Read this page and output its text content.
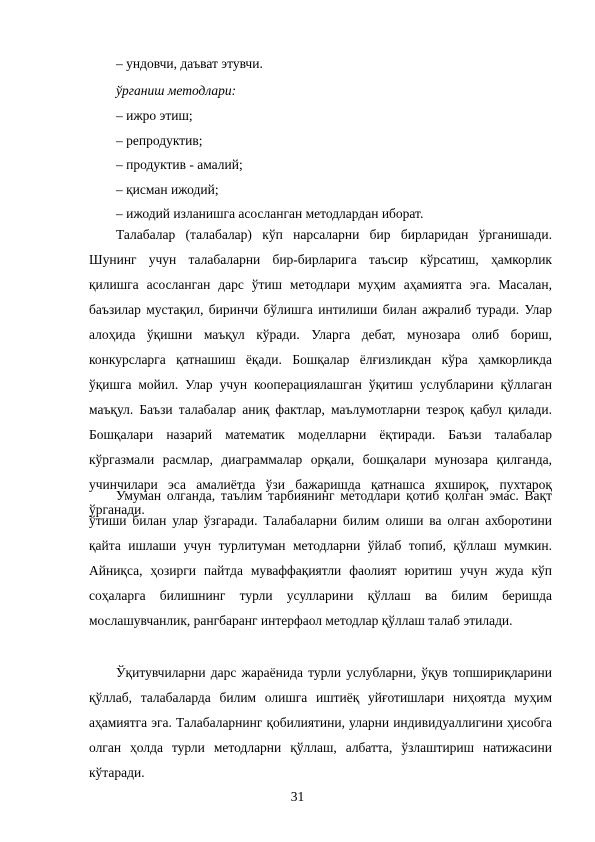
– ундовчи, даъват этувчи.
ўрганиш методлари:
– ижро этиш;
– репродуктив;
– продуктив - амалий;
– қисман ижодий;
– ижодий изланишга асосланган методлардан иборат.

Талабалар (талабалар) кўп нарсаларни бир бирларидан ўрганишади. Шунинг учун талабаларни бир-бирларига таъсир кўрсатиш, ҳамкорлик қилишга асосланган дарс ўтиш методлари муҳим аҳамиятга эга. Масалан, баъзилар мустақил, биринчи бўлишга интилиши билан ажралиб туради. Улар алоҳида ўқишни маъқул кўради. Уларга дебат, мунозара олиб бориш, конкурсларга қатнашиш ёқади. Бошқалар ёлғизликдан кўра ҳамкорликда ўқишга мойил. Улар учун кооперациялашган ўқитиш услубларини қўллаган маъқул. Баъзи талабалар аниқ фактлар, маълумотларни тезроқ қабул қилади. Бошқалари назарий математик моделларни ёқтиради. Баъзи талабалар кўргазмали расмлар, диаграммалар орқали, бошқалари мунозара қилганда, учинчилари эса амалиётда ўзи бажаришда қатнашса яхшироқ, пухтароқ ўрганади.

Умуман олганда, таълим тарбиянинг методлари қотиб қолган эмас. Вақт ўтиши билан улар ўзгаради. Талабаларни билим олиши ва олган ахборотини қайта ишлаши учун турлитуман методларни ўйлаб топиб, қўллаш мумкин. Айниқса, ҳозирги пайтда муваффақиятли фаолият юритиш учун жуда кўп соҳаларга билишнинг турли усулларини қўллаш ва билим беришда мослашувчанлик, рангбаранг интерфаол методлар қўллаш талаб этилади.

Ўқитувчиларни дарс жараёнида турли услубларни, ўқув топшириқларини қўллаб, талабаларда билим олишга иштиёқ уйғотишлари ниҳоятда муҳим аҳамиятга эга. Талабаларнинг қобилиятини, уларни индивидуаллигини ҳисобга олган ҳолда турли методларни қўллаш, албатта, ўзлаштириш натижасини кўтаради.

31
